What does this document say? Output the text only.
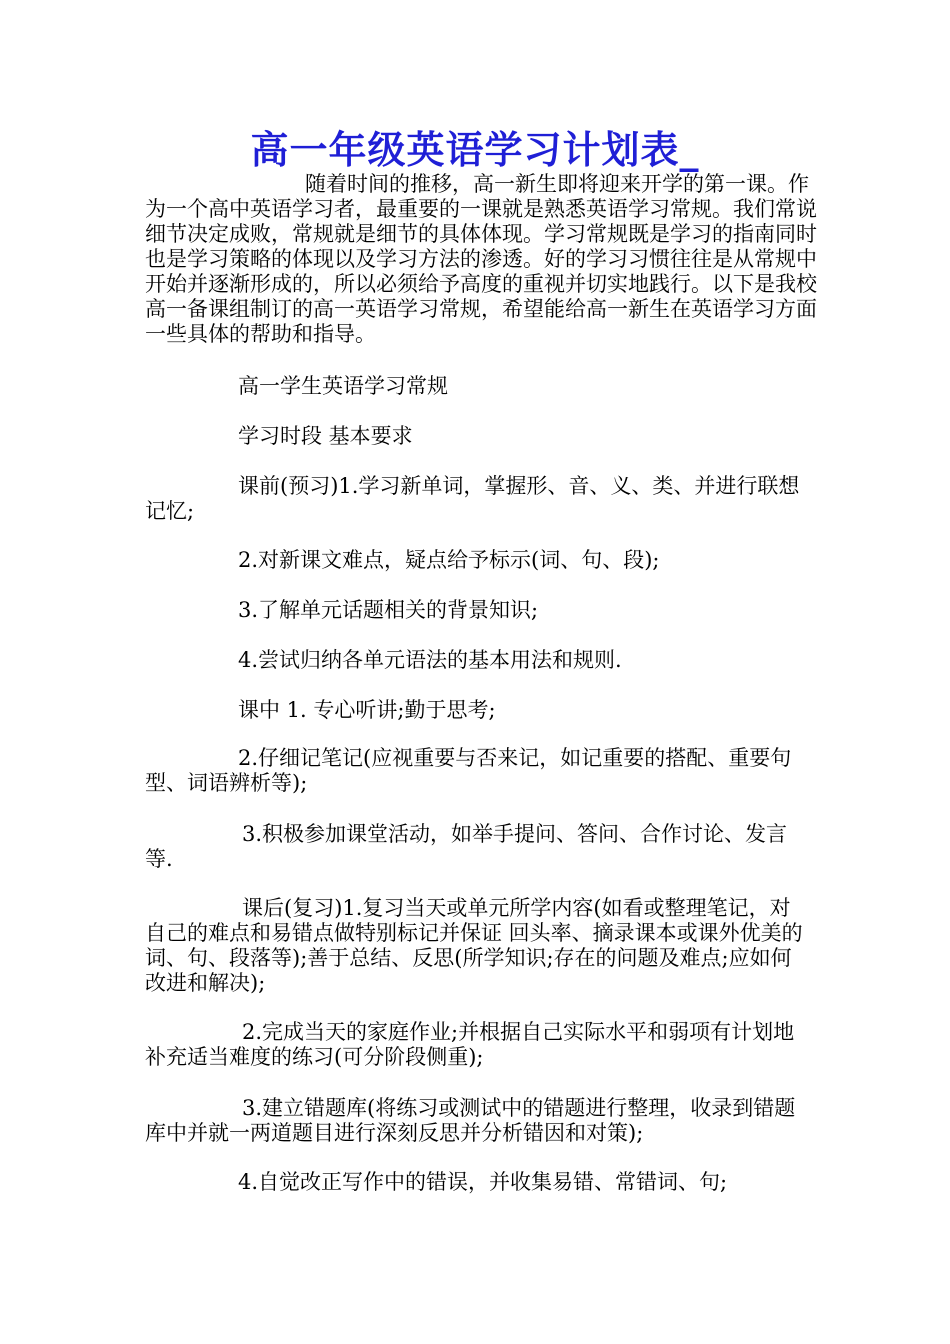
高一年级英语学习计划表_
随着时间的推移，高一新生即将迎来开学的第一课。作为一个高中英语学习者，最重要的一课就是熟悉英语学习常规。我们常说细节决定成败，常规就是细节的具体体现。学习常规既是学习的指南同时也是学习策略的体现以及学习方法的渗透。好的学习习惯往往是从常规中开始并逐渐形成的，所以必须给予高度的重视并切实地践行。以下是我校高一备课组制订的高一英语学习常规，希望能给高一新生在英语学习方面一些具体的帮助和指导。
高一学生英语学习常规
学习时段 基本要求
课前(预习)1.学习新单词，掌握形、音、义、类、并进行联想记忆;
2.对新课文难点，疑点给予标示(词、句、段);
3.了解单元话题相关的背景知识;
4.尝试归纳各单元语法的基本用法和规则.
课中 1. 专心听讲;勤于思考;
2.仔细记笔记(应视重要与否来记，如记重要的搭配、重要句型、词语辨析等);
3.积极参加课堂活动，如举手提问、答问、合作讨论、发言等.
课后(复习)1.复习当天或单元所学内容(如看或整理笔记，对自己的难点和易错点做特别标记并保证 回头率、摘录课本或课外优美的词、句、段落等);善于总结、反思(所学知识;存在的问题及难点;应如何改进和解决);
2.完成当天的家庭作业;并根据自己实际水平和弱项有计划地补充适当难度的练习(可分阶段侧重);
3.建立错题库(将练习或测试中的错题进行整理，收录到错题库中并就一两道题目进行深刻反思并分析错因和对策);
4.自觉改正写作中的错误，并收集易错、常错词、句;
